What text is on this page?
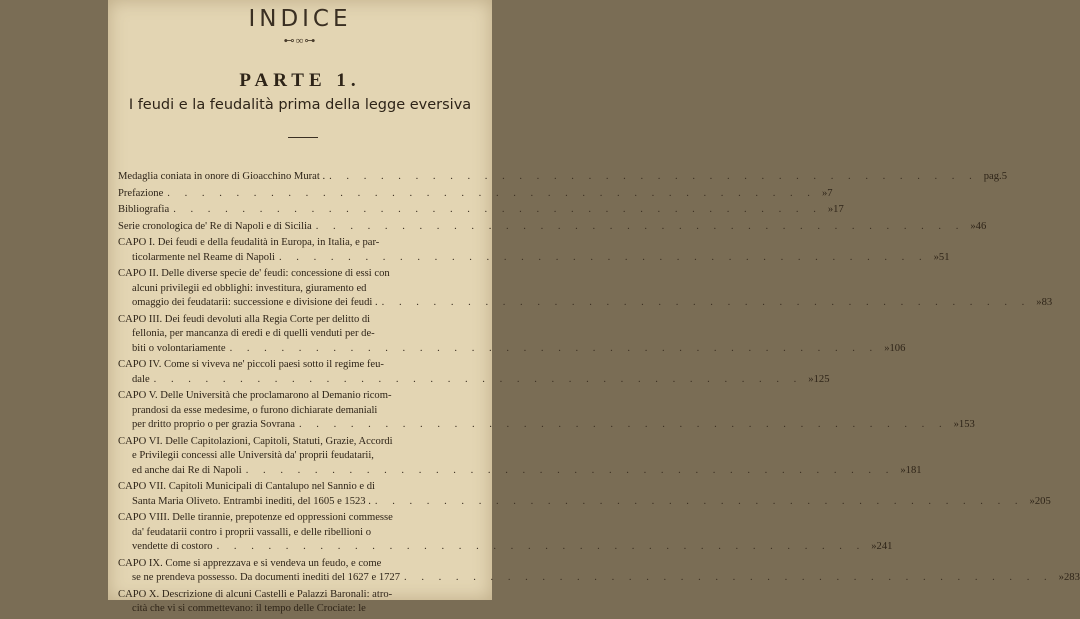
INDICE
⊷∞⊶
PARTE 1.
I feudi e la feudalità prima della legge eversiva
Medaglia coniata in onore di Gioacchino Murat . . . . . . . . . . . . . . . . . . . . . . . . . . . . . . . . . . . . . . . pag. 5
Prefazione . . . . . . . . . . . . . . . . . . . . . . . . . . . . . . . . . . . . . . » 7
Bibliografia . . . . . . . . . . . . . . . . . . . . . . . . . . . . . . . . . . . . . . » 17
Serie cronologica de' Re di Napoli e di Sicilia . . . . . . . . . . . . . . . . . . . . . . . . . . . . . . . . . . . . . . » 46
CAPO I. Dei feudi e della feudalità in Europa, in Italia, e par-
ticolarmente nel Reame di Napoli . . . . . . . . . . . . . . . . . . . . . . . . . . . . . . . . . . . . . . » 51
CAPO II. Delle diverse specie de' feudi: concessione di essi con
alcuni privilegii ed obblighi: investitura, giuramento ed
omaggio dei feudatarii: successione e divisione dei feudi . . . . . . . . . . . . . . . . . . . . . . . . . . . . . . . . . . . . . . . » 83
CAPO III. Dei feudi devoluti alla Regia Corte per delitto di
fellonia, per mancanza di eredi e di quelli venduti per de-
biti o volontariamente . . . . . . . . . . . . . . . . . . . . . . . . . . . . . . . . . . . . . . » 106
CAPO IV. Come si viveva ne' piccoli paesi sotto il regime feu-
dale . . . . . . . . . . . . . . . . . . . . . . . . . . . . . . . . . . . . . . » 125
CAPO V. Delle Università che proclamarono al Demanio ricom-
prandosi da esse medesime, o furono dichiarate demaniali
per dritto proprio o per grazia Sovrana . . . . . . . . . . . . . . . . . . . . . . . . . . . . . . . . . . . . . . » 153
CAPO VI. Delle Capitolazioni, Capitoli, Statuti, Grazie, Accordi
e Privilegii concessi alle Università da' proprii feudatarii,
ed anche dai Re di Napoli . . . . . . . . . . . . . . . . . . . . . . . . . . . . . . . . . . . . . . » 181
CAPO VII. Capitoli Municipali di Cantalupo nel Sannio e di
Santa Maria Oliveto. Entrambi inediti, del 1605 e 1523 . . . . . . . . . . . . . . . . . . . . . . . . . . . . . . . . . . . . . . . » 205
CAPO VIII. Delle tirannie, prepotenze ed oppressioni commesse
da' feudatarii contro i proprii vassalli, e delle ribellioni o
vendette di costoro . . . . . . . . . . . . . . . . . . . . . . . . . . . . . . . . . . . . . . » 241
CAPO IX. Come si apprezzava e si vendeva un feudo, e come
se ne prendeva possesso. Da documenti inediti del 1627 e 1727 . . . . . . . . . . . . . . . . . . . . . . . . . . . . . . . . . . . . . . » 283
CAPO X. Descrizione di alcuni Castelli e Palazzi Baronali: atro-
cità che vi si commettevano: il tempo delle Crociate: le
